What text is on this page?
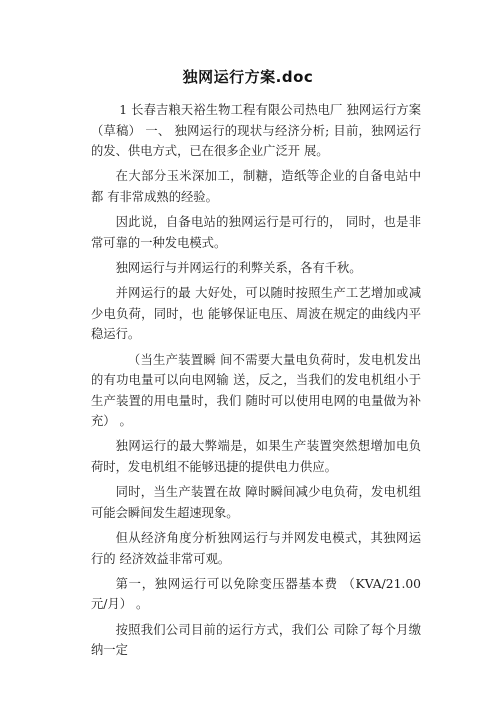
独网运行方案.doc

1 长春吉粮天裕生物工程有限公司热电厂 独网运行方案（草稿） 一、 独网运行的现状与经济分析; 目前，独网运行的发、供电方式，已在很多企业广泛开 展。

在大部分玉米深加工，制糖，造纸等企业的自备电站中都 有非常成熟的经验。

因此说，自备电站的独网运行是可行的， 同时，也是非常可靠的一种发电模式。

独网运行与并网运行的利弊关系，各有千秋。

并网运行的最 大好处，可以随时按照生产工艺增加或减少电负荷，同时，也 能够保证电压、周波在规定的曲线内平稳运行。

（当生产装置瞬 间不需要大量电负荷时，发电机发出的有功电量可以向电网输 送，反之，当我们的发电机组小于生产装置的用电量时，我们 随时可以使用电网的电量做为补充） 。

独网运行的最大弊端是，如果生产装置突然想增加电负荷时，发电机组不能够迅捷的提供电力供应。

同时，当生产装置在故 障时瞬间减少电负荷，发电机组可能会瞬间发生超速现象。

但从经济角度分析独网运行与并网发电模式，其独网运行的 经济效益非常可观。

第一，独网运行可以免除变压器基本费 （KVA/21.00 元/月） 。

按照我们公司目前的运行方式，我们公 司除了每个月缴纳一定
